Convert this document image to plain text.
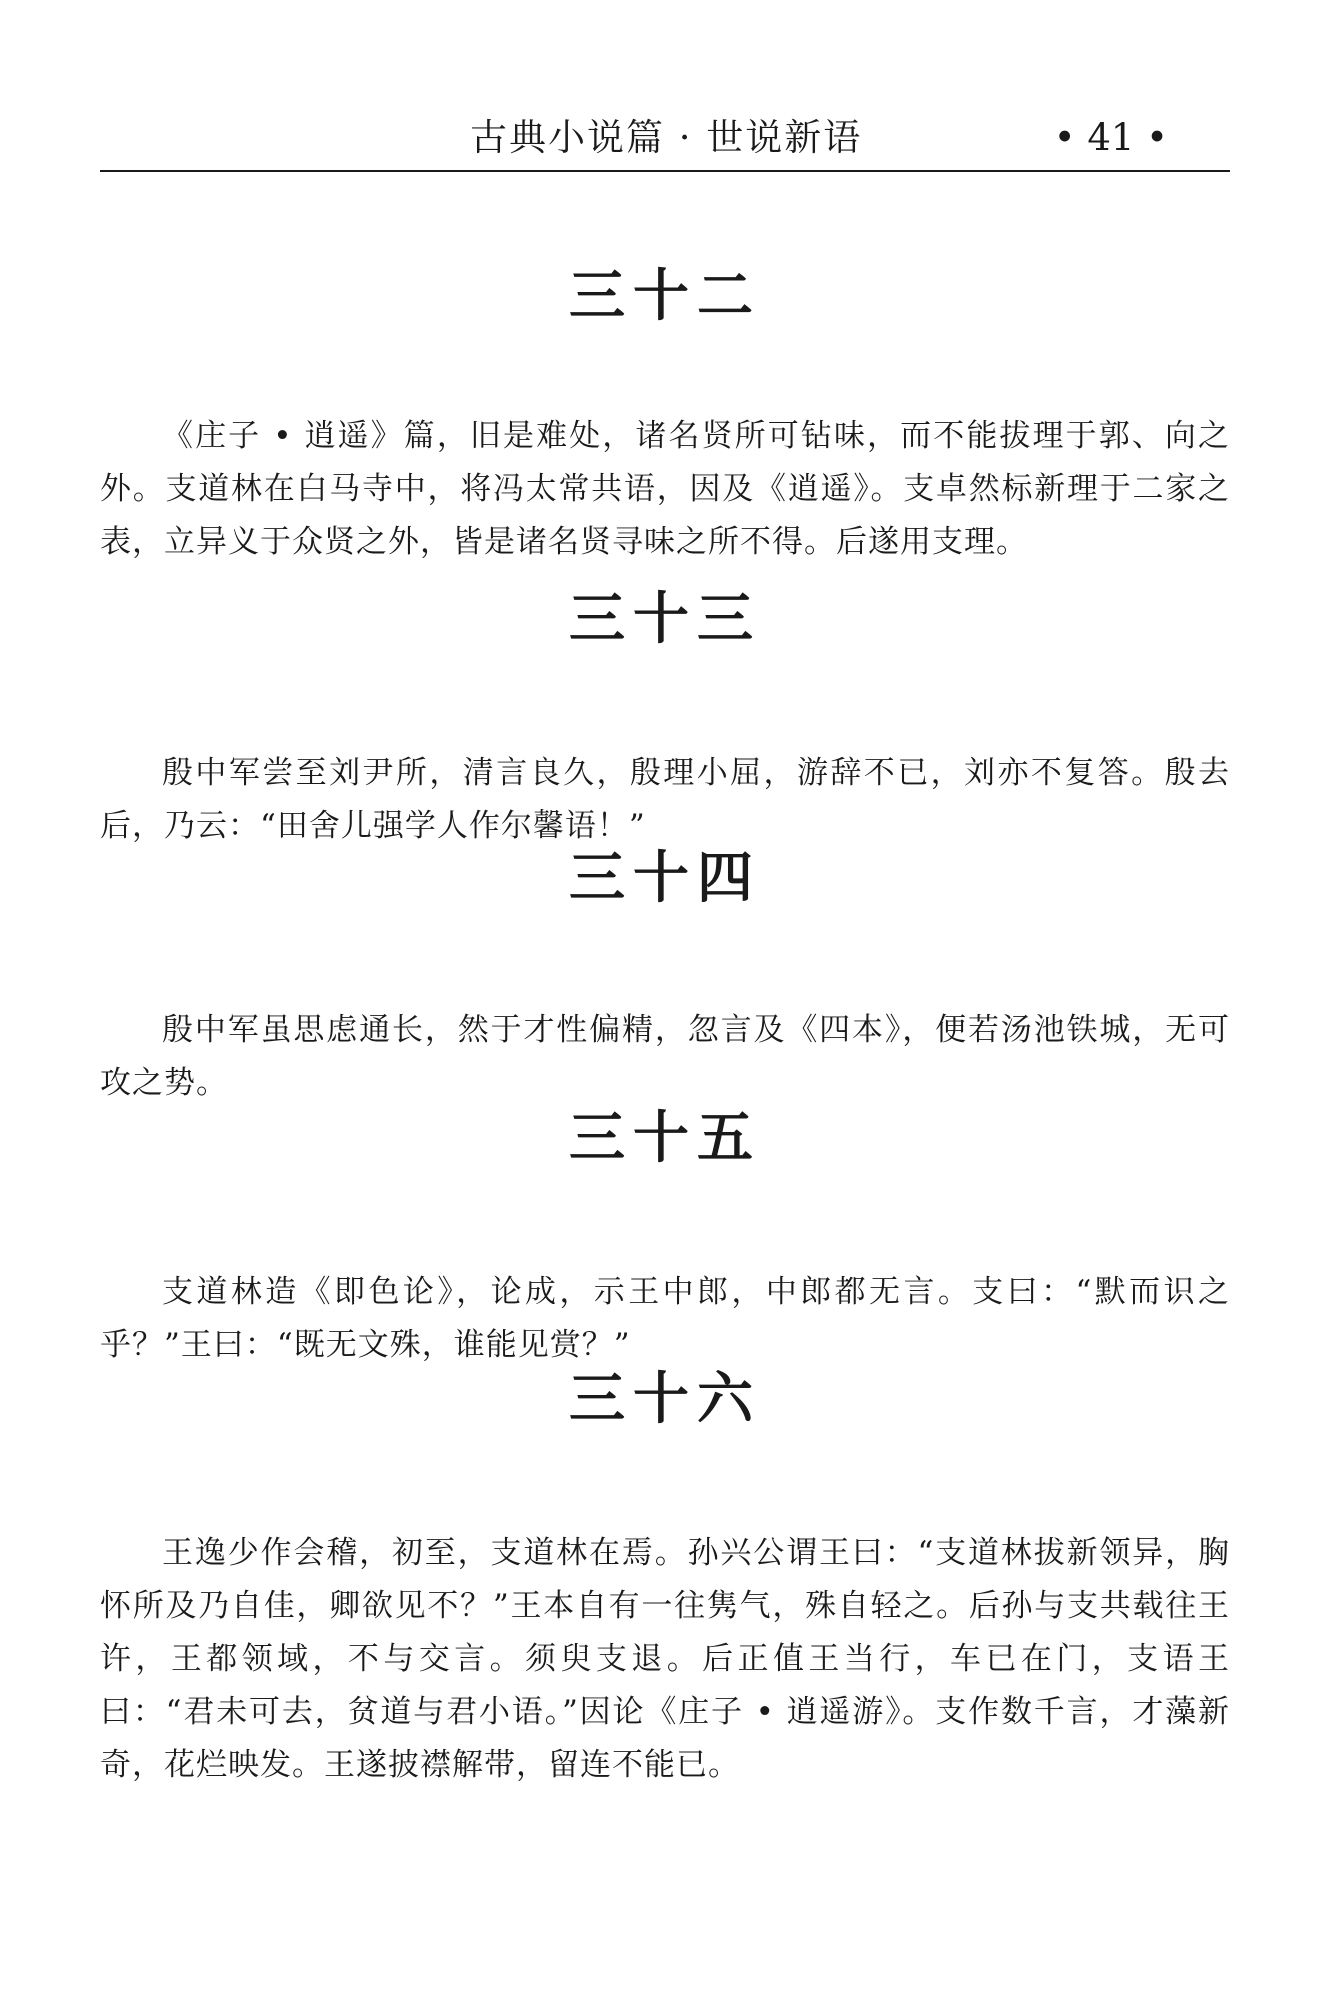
古典小说篇 · 世说新语	• 41 •
三十二

《庄子 • 逍遥》篇，旧是难处，诸名贤所可钻味，而不能拔理于郭、向之外。支道林在白马寺中，将冯太常共语，因及《逍遥》。支卓然标新理于二家之表，立异义于众贤之外，皆是诸名贤寻味之所不得。后遂用支理。

三十三

殷中军尝至刘尹所，清言良久，殷理小屈，游辞不已，刘亦不复答。殷去后，乃云：“田舍儿强学人作尔馨语！”

三十四

殷中军虽思虑通长，然于才性偏精，忽言及《四本》，便若汤池铁城，无可攻之势。

三十五

支道林造《即色论》，论成，示王中郎，中郎都无言。支曰：“默而识之乎？”王曰：“既无文殊，谁能见赏？”

三十六

王逸少作会稽，初至，支道林在焉。孙兴公谓王曰：“支道林拔新领异，胸怀所及乃自佳，卿欲见不？”王本自有一往隽气，殊自轻之。后孙与支共载往王许，王都领域，不与交言。须臾支退。后正值王当行，车已在门，支语王曰：“君未可去，贫道与君小语。”因论《庄子 • 逍遥游》。支作数千言，才藻新奇，花烂映发。王遂披襟解带，留连不能已。
